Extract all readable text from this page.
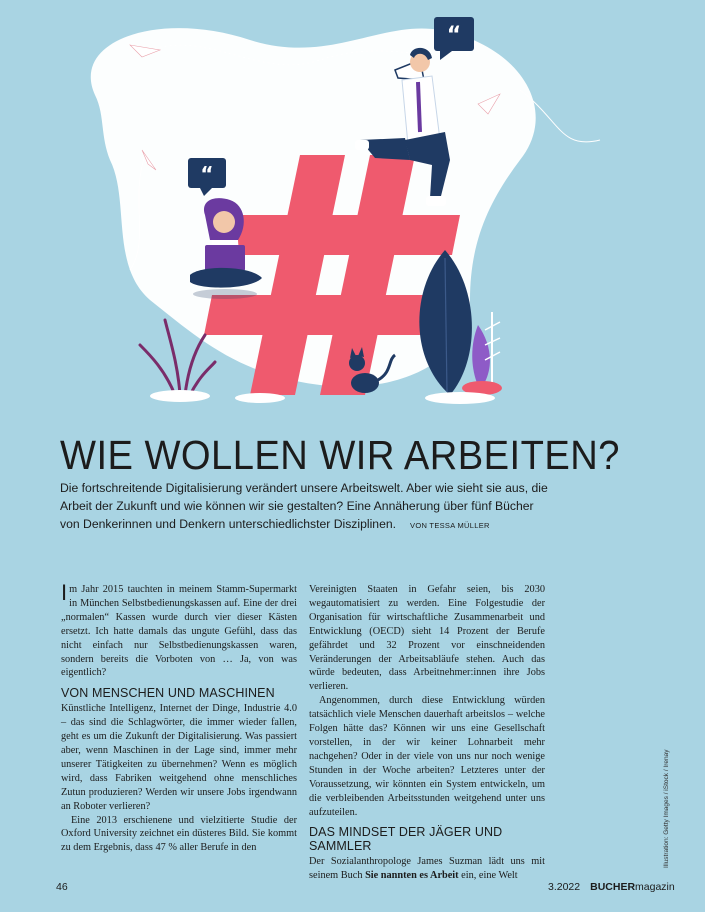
“
“
WIE WOLLEN WIR ARBEITEN?
Die fortschreitende Digitalisierung verändert unsere Arbeitswelt. Aber wie sieht sie aus, die Arbeit der Zukunft und wie können wir sie gestalten? Eine Annäherung über fünf Bücher von Denkerinnen und Denkern unterschiedlichster Disziplinen. VON TESSA MÜLLER

Im Jahr 2015 tauchten in meinem Stamm-Supermarkt in München Selbstbedienungskassen auf. Eine der drei „normalen“ Kassen wurde durch vier dieser Kästen ersetzt. Ich hatte damals das ungute Gefühl, dass das nicht einfach nur Selbstbedienungskassen waren, sondern bereits die Vorboten von … Ja, von was eigentlich?

VON MENSCHEN UND MASCHINEN

Künstliche Intelligenz, Internet der Dinge, Industrie 4.0 – das sind die Schlagwörter, die immer wieder fallen, geht es um die Zukunft der Digitalisierung. Was passiert aber, wenn Maschinen in der Lage sind, immer mehr unserer Tätigkeiten zu übernehmen? Wenn es möglich wird, dass Fabriken weitgehend ohne menschliches Zutun produzieren? Werden wir unsere Jobs irgendwann an Roboter verlieren?

Eine 2013 erschienene und vielzitierte Studie der Oxford University zeichnet ein düsteres Bild. Sie kommt zu dem Ergebnis, dass 47 % aller Berufe in den

Vereinigten Staaten in Gefahr seien, bis 2030 wegautomatisiert zu werden. Eine Folgestudie der Organisation für wirtschaftliche Zusammenarbeit und Entwicklung (OECD) sieht 14 Prozent der Berufe gefährdet und 32 Prozent vor einschneidenden Veränderungen der Arbeitsabläufe stehen. Auch das würde bedeuten, dass Arbeitnehmer:innen ihre Jobs verlieren.

Angenommen, durch diese Entwicklung würden tatsächlich viele Menschen dauerhaft arbeitslos – welche Folgen hätte das? Können wir uns eine Gesellschaft vorstellen, in der wir keiner Lohnarbeit mehr nachgehen? Oder in der viele von uns nur noch wenige Stunden in der Woche arbeiten? Letzteres unter der Voraussetzung, wir könnten ein System entwickeln, um die verbleibenden Arbeitsstunden weitgehend unter uns aufzuteilen.

DAS MINDSET DER JÄGER UND SAMMLER

Der Sozialanthropologe James Suzman lädt uns mit seinem Buch Sie nannten es Arbeit ein, eine Welt

Illustration: Getty Images / iStock / Irenay
46	3.2022 BUCHERmagazin
